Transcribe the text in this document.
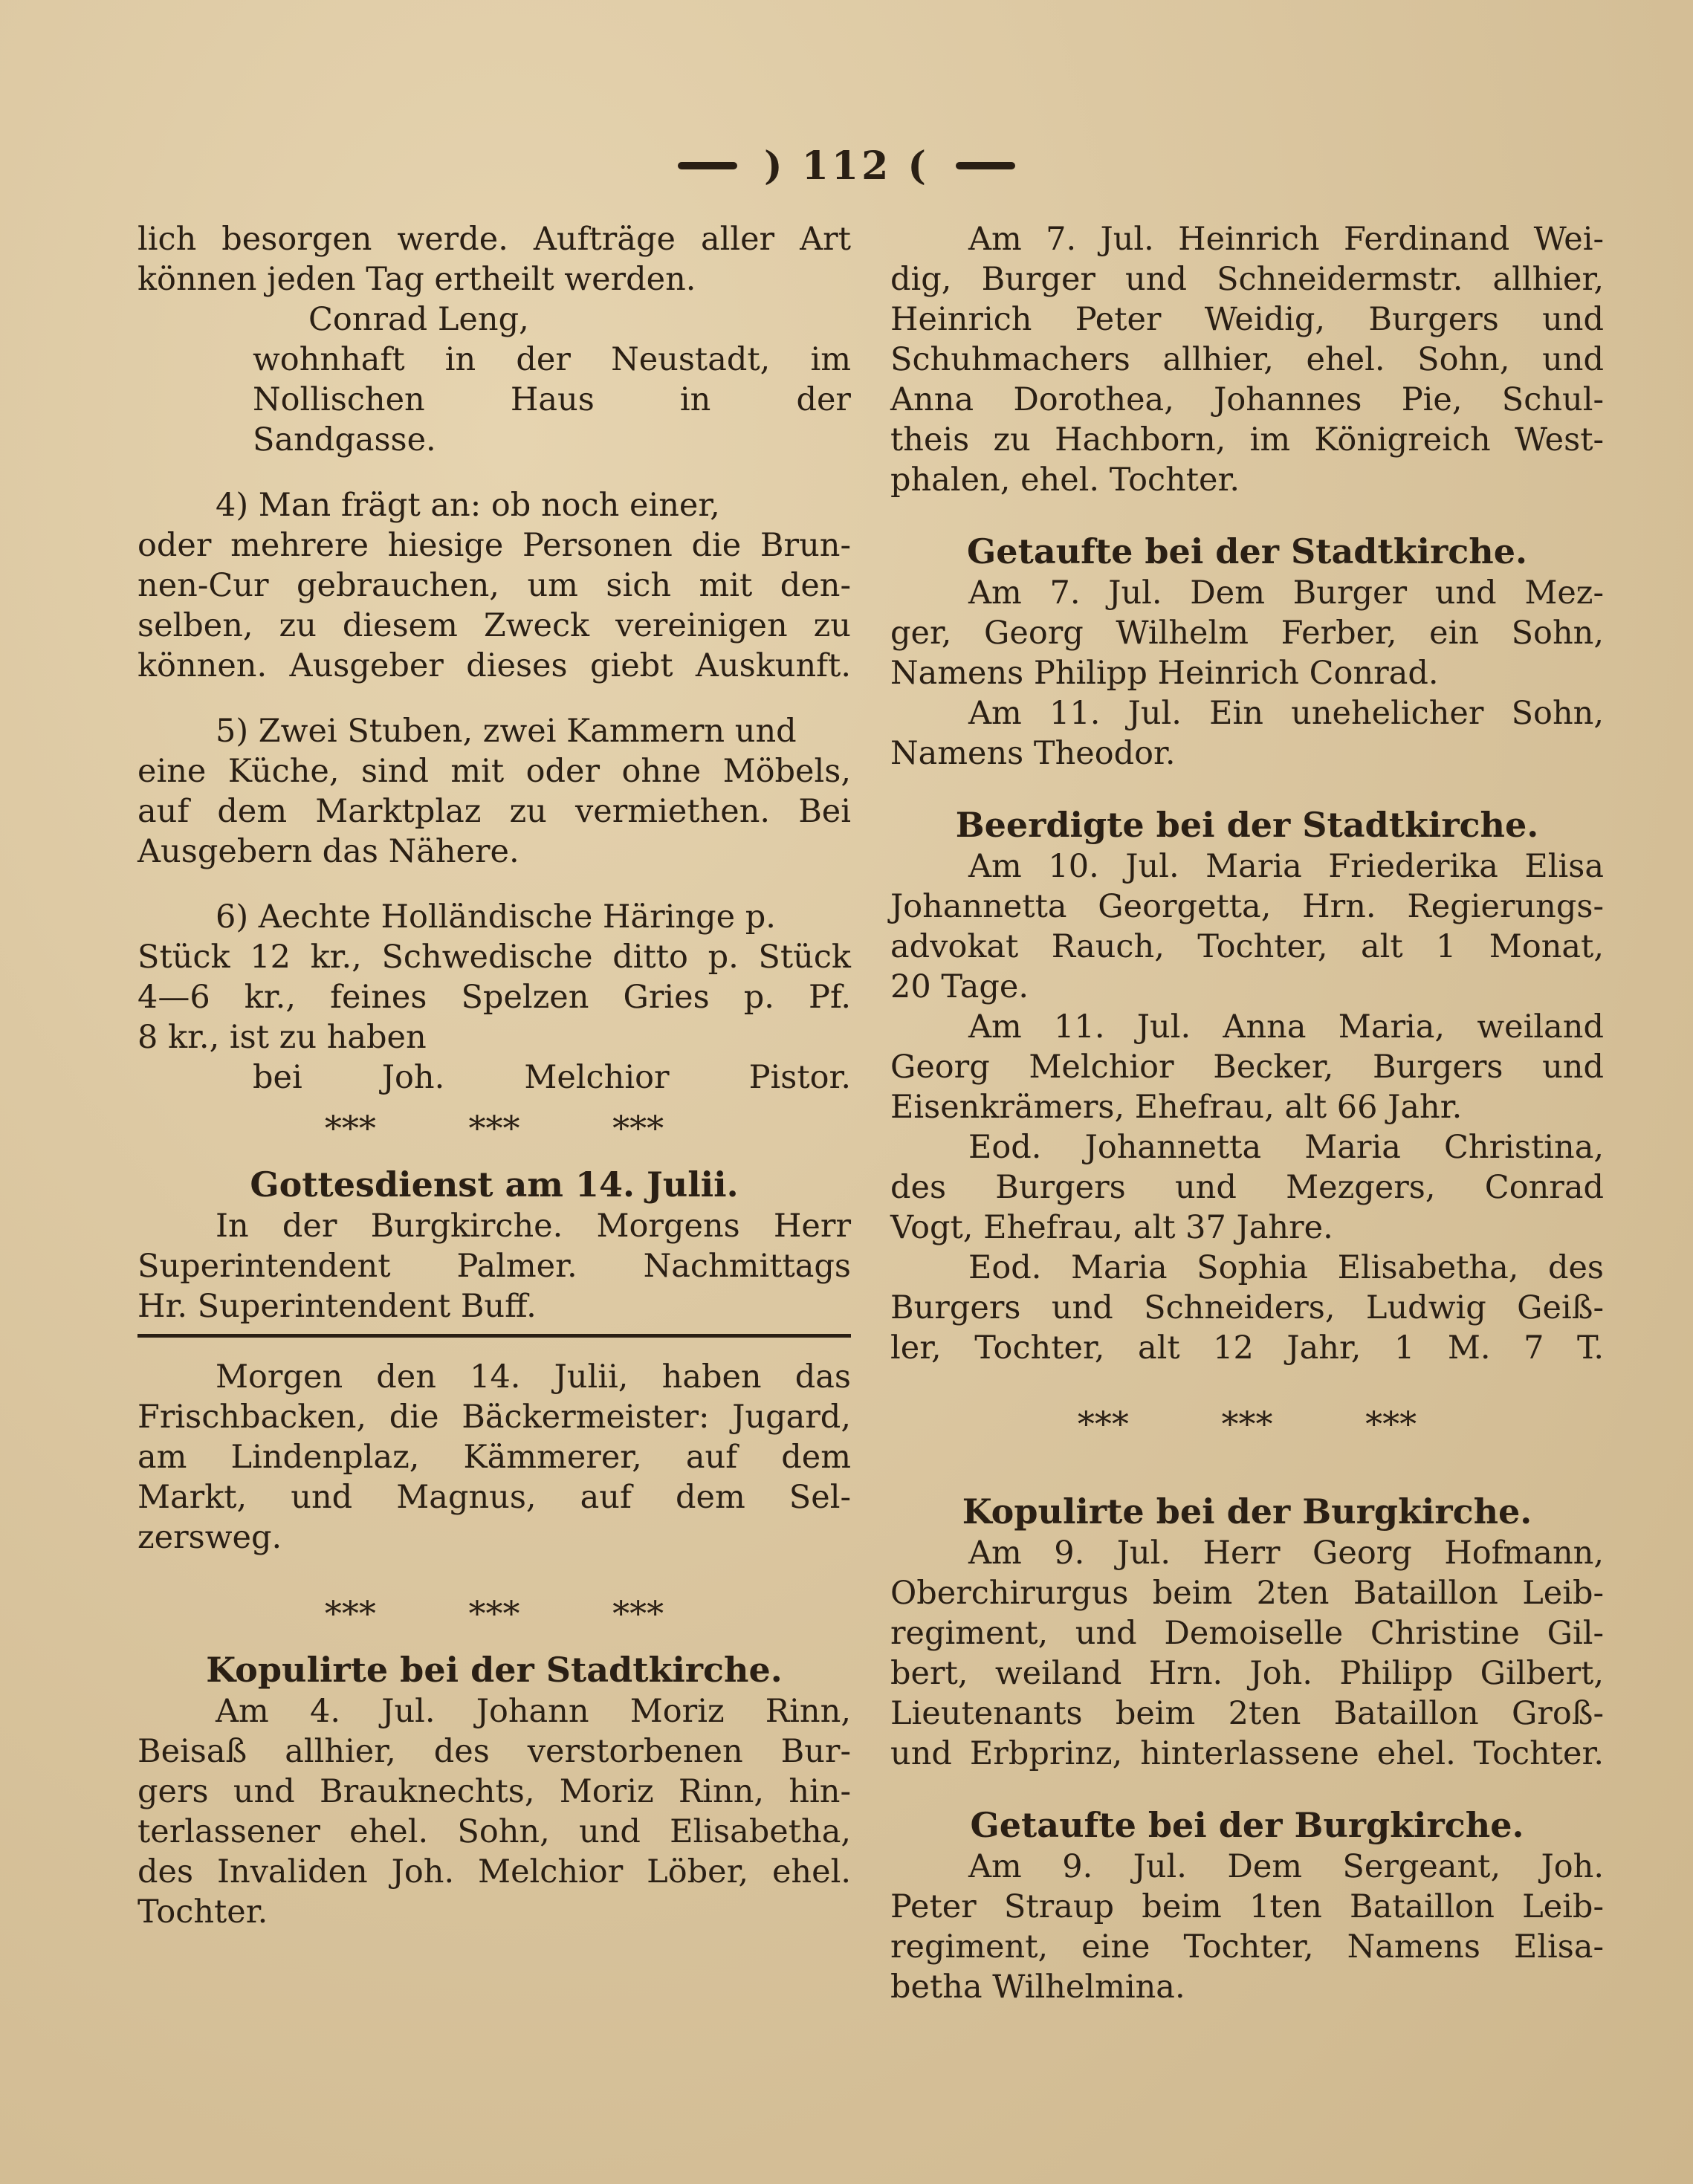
) 112 (
lich besorgen werde. Aufträge aller Art
können jeden Tag ertheilt werden.
Conrad Leng,
wohnhaft in der Neustadt, im
Nollischen Haus in der
Sandgasse.
4) Man frägt an: ob noch einer,
oder mehrere hiesige Personen die Brun-
nen-Cur gebrauchen, um sich mit den-
selben, zu diesem Zweck vereinigen zu
können. Ausgeber dieses giebt Auskunft.
5) Zwei Stuben, zwei Kammern und
eine Küche, sind mit oder ohne Möbels,
auf dem Marktplaz zu vermiethen. Bei
Ausgebern das Nähere.
6) Aechte Holländische Häringe p.
Stück 12 kr., Schwedische ditto p. Stück
4—6 kr., feines Spelzen Gries p. Pf.
8 kr., ist zu haben
bei Joh. Melchior Pistor.
*** *** ***
Gottesdienst am 14. Julii.
In der Burgkirche. Morgens Herr
Superintendent Palmer. Nachmittags
Hr. Superintendent Buff.
Morgen den 14. Julii, haben das
Frischbacken, die Bäckermeister: Jugard,
am Lindenplaz, Kämmerer, auf dem
Markt, und Magnus, auf dem Sel-
zersweg.
*** *** ***
Kopulirte bei der Stadtkirche.
Am 4. Jul. Johann Moriz Rinn,
Beisaß allhier, des verstorbenen Bur-
gers und Brauknechts, Moriz Rinn, hin-
terlassener ehel. Sohn, und Elisabetha,
des Invaliden Joh. Melchior Löber, ehel.
Tochter.
Am 7. Jul. Heinrich Ferdinand Wei-
dig, Burger und Schneidermstr. allhier,
Heinrich Peter Weidig, Burgers und
Schuhmachers allhier, ehel. Sohn, und
Anna Dorothea, Johannes Pie, Schul-
theis zu Hachborn, im Königreich West-
phalen, ehel. Tochter.
Getaufte bei der Stadtkirche.
Am 7. Jul. Dem Burger und Mez-
ger, Georg Wilhelm Ferber, ein Sohn,
Namens Philipp Heinrich Conrad.
Am 11. Jul. Ein unehelicher Sohn,
Namens Theodor.
Beerdigte bei der Stadtkirche.
Am 10. Jul. Maria Friederika Elisa
Johannetta Georgetta, Hrn. Regierungs-
advokat Rauch, Tochter, alt 1 Monat,
20 Tage.
Am 11. Jul. Anna Maria, weiland
Georg Melchior Becker, Burgers und
Eisenkrämers, Ehefrau, alt 66 Jahr.
Eod. Johannetta Maria Christina,
des Burgers und Mezgers, Conrad
Vogt, Ehefrau, alt 37 Jahre.
Eod. Maria Sophia Elisabetha, des
Burgers und Schneiders, Ludwig Geiß-
ler, Tochter, alt 12 Jahr, 1 M. 7 T.
*** *** ***
Kopulirte bei der Burgkirche.
Am 9. Jul. Herr Georg Hofmann,
Oberchirurgus beim 2ten Bataillon Leib-
regiment, und Demoiselle Christine Gil-
bert, weiland Hrn. Joh. Philipp Gilbert,
Lieutenants beim 2ten Bataillon Groß-
und Erbprinz, hinterlassene ehel. Tochter.
Getaufte bei der Burgkirche.
Am 9. Jul. Dem Sergeant, Joh.
Peter Straup beim 1ten Bataillon Leib-
regiment, eine Tochter, Namens Elisa-
betha Wilhelmina.
